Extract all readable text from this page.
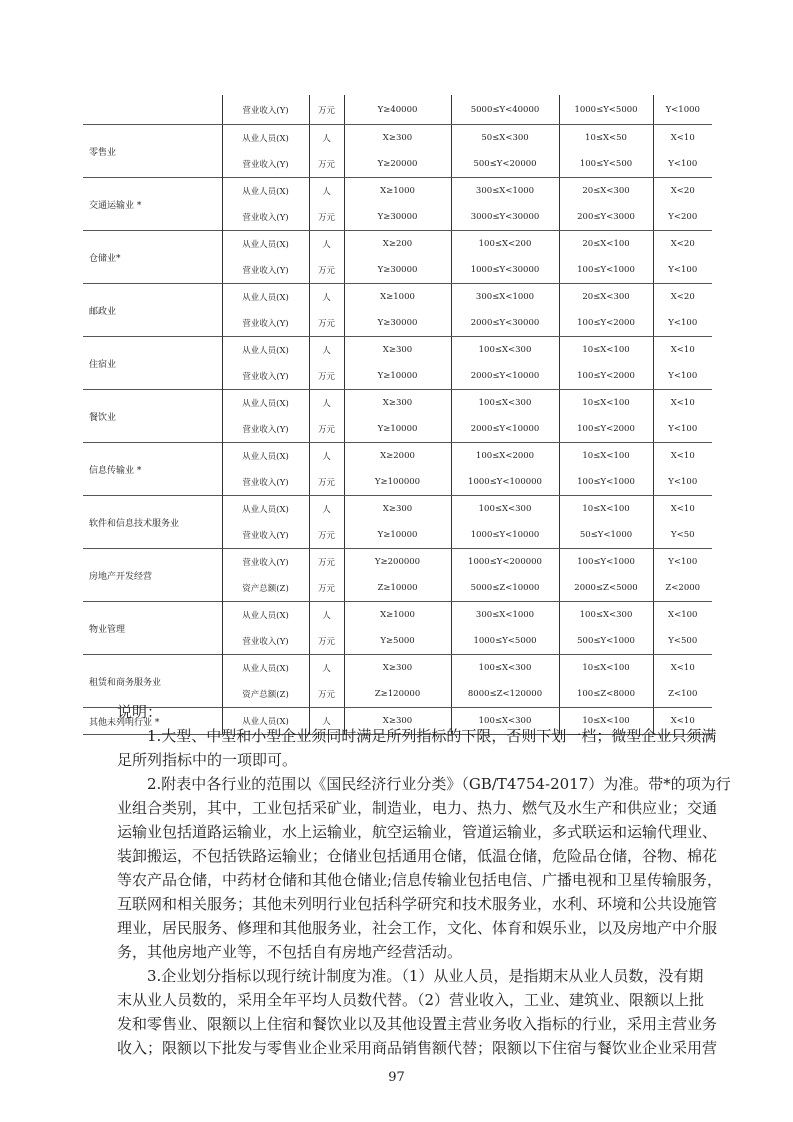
	营业收入(Y)	万元	Y≥40000	5000≤Y<40000	1000≤Y<5000	Y<1000
零售业	从业人员(X)	人	X≥300	50≤X<300	10≤X<50	X<10
	营业收入(Y)	万元	Y≥20000	500≤Y<20000	100≤Y<500	Y<100
交通运输业 *	从业人员(X)	人	X≥1000	300≤X<1000	20≤X<300	X<20
	营业收入(Y)	万元	Y≥30000	3000≤Y<30000	200≤Y<3000	Y<200
仓储业*	从业人员(X)	人	X≥200	100≤X<200	20≤X<100	X<20
	营业收入(Y)	万元	Y≥30000	1000≤Y<30000	100≤Y<1000	Y<100
邮政业	从业人员(X)	人	X≥1000	300≤X<1000	20≤X<300	X<20
	营业收入(Y)	万元	Y≥30000	2000≤Y<30000	100≤Y<2000	Y<100
住宿业	从业人员(X)	人	X≥300	100≤X<300	10≤X<100	X<10
	营业收入(Y)	万元	Y≥10000	2000≤Y<10000	100≤Y<2000	Y<100
餐饮业	从业人员(X)	人	X≥300	100≤X<300	10≤X<100	X<10
	营业收入(Y)	万元	Y≥10000	2000≤Y<10000	100≤Y<2000	Y<100
信息传输业 *	从业人员(X)	人	X≥2000	100≤X<2000	10≤X<100	X<10
	营业收入(Y)	万元	Y≥100000	1000≤Y<100000	100≤Y<1000	Y<100
软件和信息技术服务业	从业人员(X)	人	X≥300	100≤X<300	10≤X<100	X<10
	营业收入(Y)	万元	Y≥10000	1000≤Y<10000	50≤Y<1000	Y<50
房地产开发经营	营业收入(Y)	万元	Y≥200000	1000≤Y<200000	100≤Y<1000	Y<100
	资产总额(Z)	万元	Z≥10000	5000≤Z<10000	2000≤Z<5000	Z<2000
物业管理	从业人员(X)	人	X≥1000	300≤X<1000	100≤X<300	X<100
	营业收入(Y)	万元	Y≥5000	1000≤Y<5000	500≤Y<1000	Y<500
租赁和商务服务业	从业人员(X)	人	X≥300	100≤X<300	10≤X<100	X<10
	资产总额(Z)	万元	Z≥120000	8000≤Z<120000	100≤Z<8000	Z<100
其他未列明行业 *	从业人员(X)	人	X≥300	100≤X<300	10≤X<100	X<10
说明：
1.大型、中型和小型企业须同时满足所列指标的下限，否则下划一档；微型企业只须满
足所列指标中的一项即可。
2.附表中各行业的范围以《国民经济行业分类》（GB/T4754-2017）为准。带*的项为行
业组合类别，其中，工业包括采矿业，制造业，电力、热力、燃气及水生产和供应业；交通
运输业包括道路运输业，水上运输业，航空运输业，管道运输业，多式联运和运输代理业、
装卸搬运，不包括铁路运输业；仓储业包括通用仓储，低温仓储，危险品仓储，谷物、棉花
等农产品仓储，中药材仓储和其他仓储业;信息传输业包括电信、广播电视和卫星传输服务，
互联网和相关服务；其他未列明行业包括科学研究和技术服务业，水利、环境和公共设施管
理业，居民服务、修理和其他服务业，社会工作，文化、体育和娱乐业，以及房地产中介服
务，其他房地产业等，不包括自有房地产经营活动。
3.企业划分指标以现行统计制度为准。（1）从业人员，是指期末从业人员数，没有期
末从业人员数的，采用全年平均人员数代替。（2）营业收入，工业、建筑业、限额以上批
发和零售业、限额以上住宿和餐饮业以及其他设置主营业务收入指标的行业，采用主营业务
收入；限额以下批发与零售业企业采用商品销售额代替；限额以下住宿与餐饮业企业采用营
97
